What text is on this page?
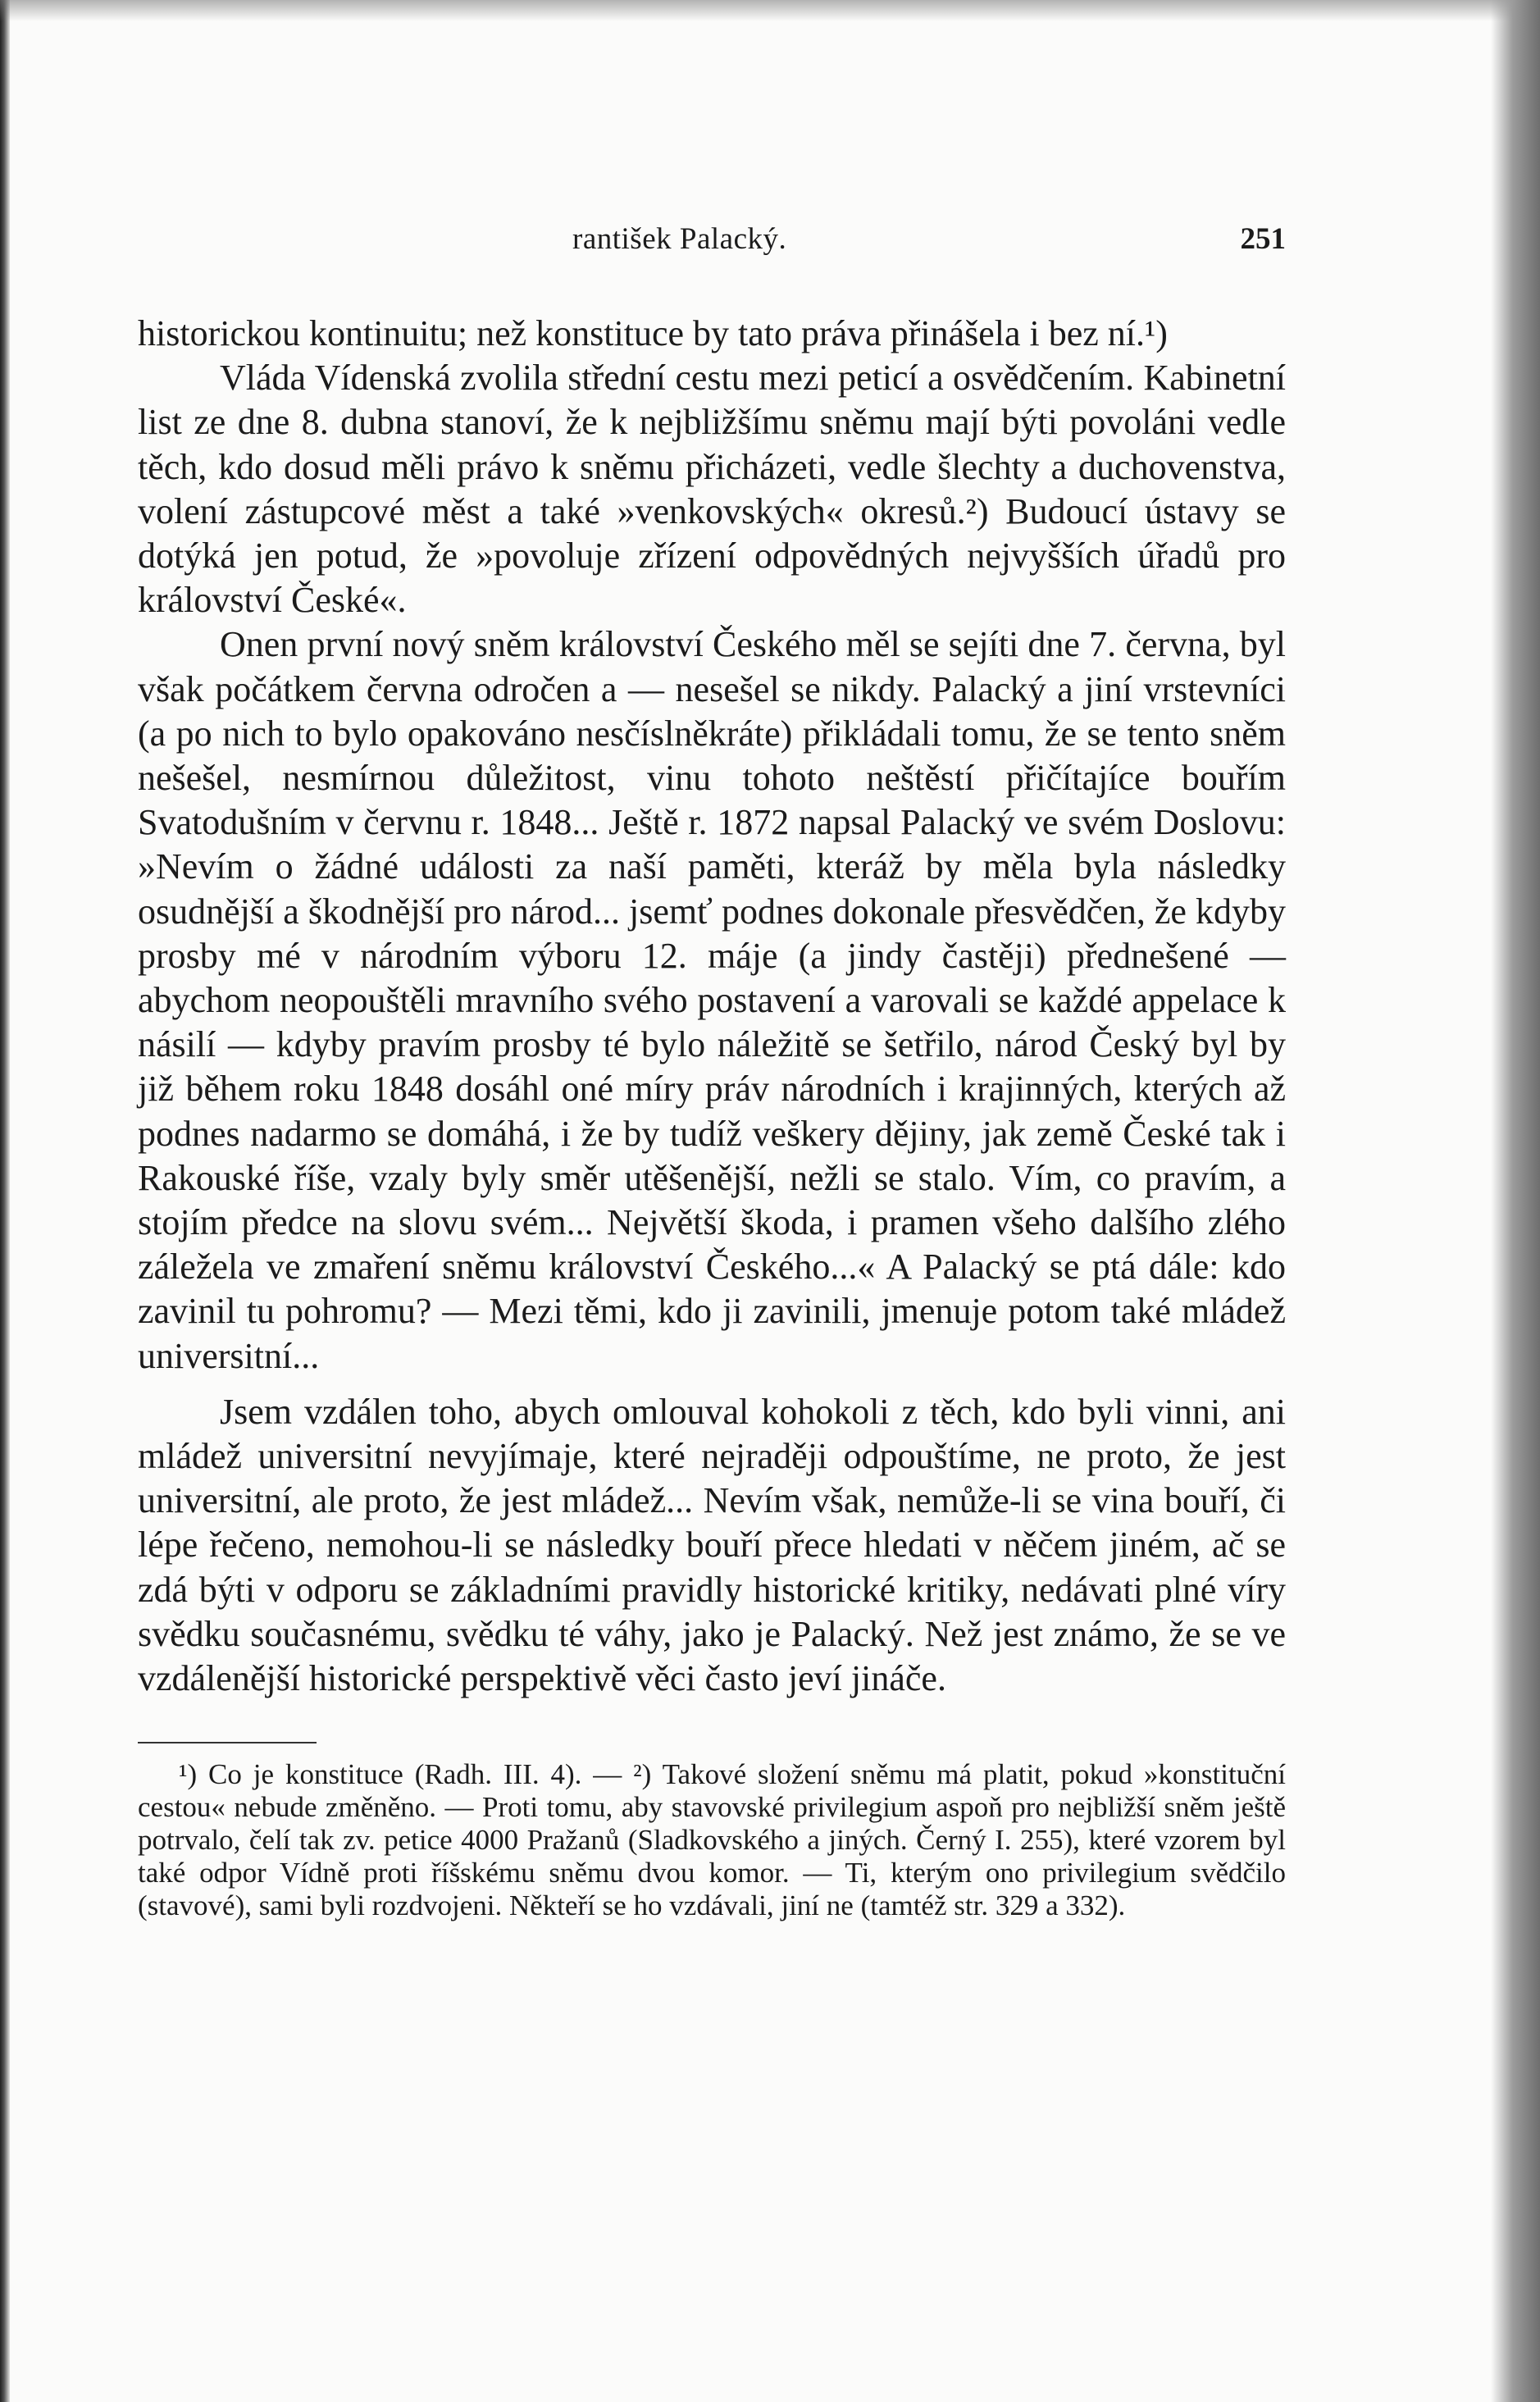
rantišek Palacký.	251

historickou kontinuitu; než konstituce by tato práva přinášela i bez ní.¹)

Vláda Vídenská zvolila střední cestu mezi peticí a osvědčením. Kabinetní list ze dne 8. dubna stanoví, že k nejbližšímu sněmu mají býti povoláni vedle těch, kdo dosud měli právo k sněmu přicházeti, vedle šlechty a duchovenstva, volení zástupcové měst a také »venkovských« okresů.²) Budoucí ústavy se dotýká jen potud, že »povoluje zřízení odpovědných nejvyšších úřadů pro království České«.

Onen první nový sněm království Českého měl se sejíti dne 7. června, byl však počátkem června odročen a — nesešel se nikdy. Palacký a jiní vrstevníci (a po nich to bylo opakováno nesčíslněkráte) přikládali tomu, že se tento sněm nešešel, nesmírnou důležitost, vinu tohoto neštěstí přičítajíce bouřím Svatodušním v červnu r. 1848... Ještě r. 1872 napsal Palacký ve svém Doslovu: »Nevím o žádné události za naší paměti, kteráž by měla byla následky osudnější a škodnější pro národ... jsemť podnes dokonale přesvědčen, že kdyby prosby mé v národním výboru 12. máje (a jindy častěji) přednešené — abychom neopouštěli mravního svého postavení a varovali se každé appelace k násilí — kdyby pravím prosby té bylo náležitě se šetřilo, národ Český byl by již během roku 1848 dosáhl oné míry práv národních i krajinných, kterých až podnes nadarmo se domáhá, i že by tudíž veškery dějiny, jak země České tak i Rakouské říše, vzaly byly směr utěšenější, nežli se stalo. Vím, co pravím, a stojím předce na slovu svém... Největší škoda, i pramen všeho dalšího zlého záležela ve zmaření sněmu království Českého...« A Palacký se ptá dále: kdo zavinil tu pohromu? — Mezi těmi, kdo ji zavinili, jmenuje potom také mládež universitní...

Jsem vzdálen toho, abych omlouval kohokoli z těch, kdo byli vinni, ani mládež universitní nevyjímaje, které nejraději odpouštíme, ne proto, že jest universitní, ale proto, že jest mládež... Nevím však, nemůže-li se vina bouří, či lépe řečeno, nemohou-li se následky bouří přece hledati v něčem jiném, ač se zdá býti v odporu se základními pravidly historické kritiky, nedávati plné víry svědku současnému, svědku té váhy, jako je Palacký. Než jest známo, že se ve vzdálenější historické perspektivě věci často jeví jináče.

¹) Co je konstituce (Radh. III. 4). — ²) Takové složení sněmu má platit, pokud »konstituční cestou« nebude změněno. — Proti tomu, aby stavovské privilegium aspoň pro nejbližší sněm ještě potrvalo, čelí tak zv. petice 4000 Pražanů (Sladkovského a jiných. Černý I. 255), které vzorem byl také odpor Vídně proti říšskému sněmu dvou komor. — Ti, kterým ono privilegium svědčilo (stavové), sami byli rozdvojeni. Někteří se ho vzdávali, jiní ne (tamtéž str. 329 a 332).
